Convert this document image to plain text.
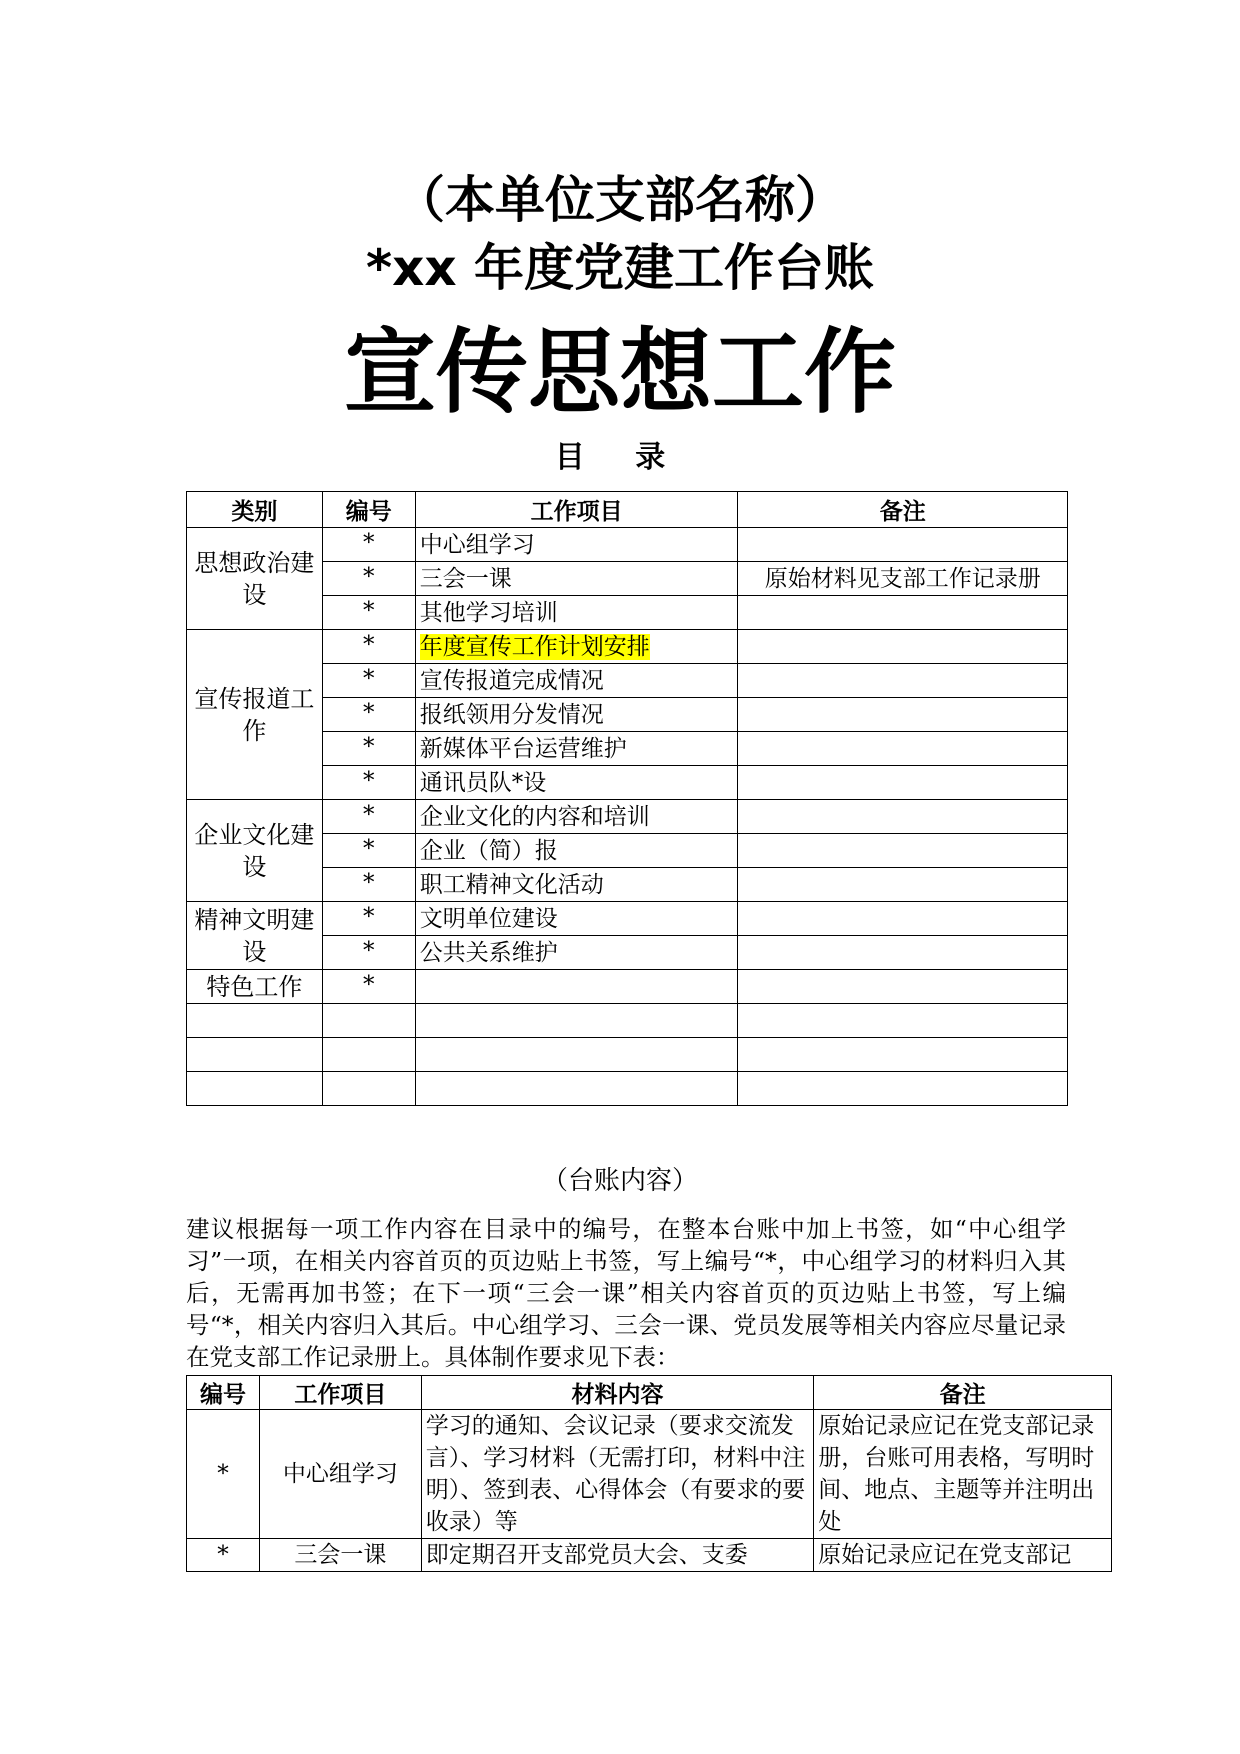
（本单位支部名称）
*xx 年度党建工作台账
宣传思想工作
目 录
类别	编号	工作项目	备注
思想政治建设	*	中心组学习	
	*	三会一课	原始材料见支部工作记录册
	*	其他学习培训	
宣传报道工作	*	年度宣传工作计划安排	
	*	宣传报道完成情况	
	*	报纸领用分发情况	
	*	新媒体平台运营维护	
	*	通讯员队*设	
企业文化建设	*	企业文化的内容和培训	
	*	企业（简）报	
	*	职工精神文化活动	
精神文明建设	*	文明单位建设	
	*	公共关系维护	
特色工作	*		

（台账内容）
建议根据每一项工作内容在目录中的编号，在整本台账中加上书签，如“中心组学习”一项，在相关内容首页的页边贴上书签，写上编号“*，中心组学习的材料归入其后，无需再加书签；在下一项“三会一课”相关内容首页的页边贴上书签，写上编号“*，相关内容归入其后。中心组学习、三会一课、党员发展等相关内容应尽量记录在党支部工作记录册上。具体制作要求见下表：
编号	工作项目	材料内容	备注
*	中心组学习	学习的通知、会议记录（要求交流发言）、学习材料（无需打印，材料中注明）、签到表、心得体会（有要求的要收录）等	原始记录应记在党支部记录册，台账可用表格，写明时间、地点、主题等并注明出处
*	三会一课	即定期召开支部党员大会、支委	原始记录应记在党支部记
